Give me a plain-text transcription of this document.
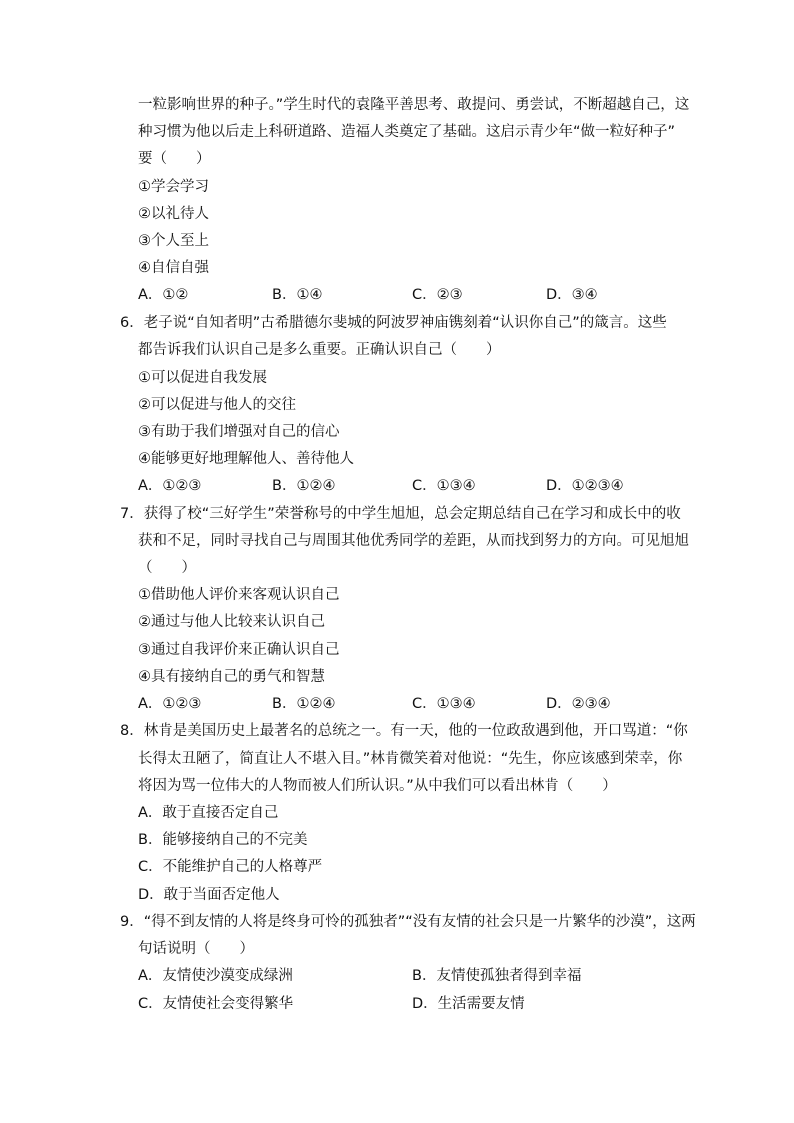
一粒影响世界的种子。”学生时代的袁隆平善思考、敢提问、勇尝试，不断超越自己，这
种习惯为他以后走上科研道路、造福人类奠定了基础。这启示青少年“做一粒好种子”
要（　　）
①学会学习
②以礼待人
③个人至上
④自信自强
A．①②	B．①④	C．②③	D．③④
6．老子说“自知者明”古希腊德尔斐城的阿波罗神庙镌刻着“认识你自己”的箴言。这些
都告诉我们认识自己是多么重要。正确认识自己（　　）
①可以促进自我发展
②可以促进与他人的交往
③有助于我们增强对自己的信心
④能够更好地理解他人、善待他人
A．①②③	B．①②④	C．①③④	D．①②③④
7．获得了校“三好学生”荣誉称号的中学生旭旭，总会定期总结自己在学习和成长中的收
获和不足，同时寻找自己与周围其他优秀同学的差距，从而找到努力的方向。可见旭旭
（　　）
①借助他人评价来客观认识自己
②通过与他人比较来认识自己
③通过自我评价来正确认识自己
④具有接纳自己的勇气和智慧
A．①②③	B．①②④	C．①③④	D．②③④
8．林肯是美国历史上最著名的总统之一。有一天，他的一位政敌遇到他，开口骂道：“你
长得太丑陋了，简直让人不堪入目。”林肯微笑着对他说：“先生，你应该感到荣幸，你
将因为骂一位伟大的人物而被人们所认识。”从中我们可以看出林肯（　　）
A．敢于直接否定自己
B．能够接纳自己的不完美
C．不能维护自己的人格尊严
D．敢于当面否定他人
9．“得不到友情的人将是终身可怜的孤独者”“没有友情的社会只是一片繁华的沙漠”，这两
句话说明（　　）
A．友情使沙漠变成绿洲	B．友情使孤独者得到幸福
C．友情使社会变得繁华	D．生活需要友情
